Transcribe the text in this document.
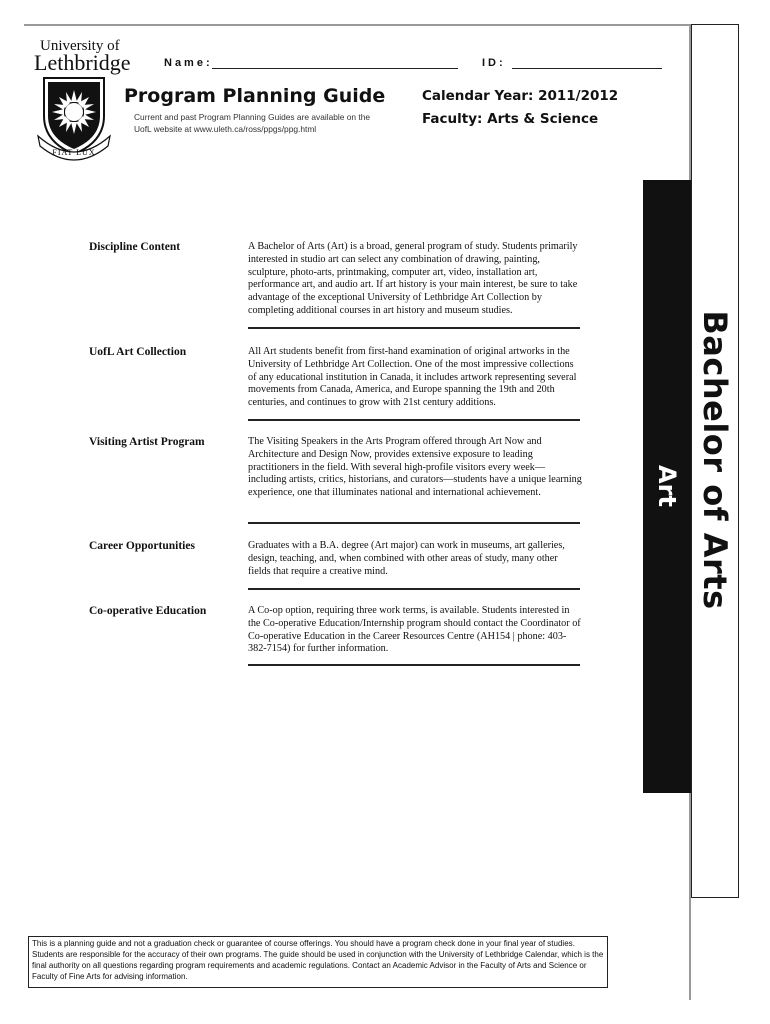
Art Bachelor of Arts
University of
Lethbridge
FIAT LUX
Name:	ID:
Program Planning Guide
Current and past Program Planning Guides are available on the UofL website at www.uleth.ca/ross/ppgs/ppg.html
Calendar Year: 2011/2012
Faculty: Arts & Science
Discipline Content	A Bachelor of Arts (Art) is a broad, general program of study. Students primarily interested in studio art can select any combination of drawing, painting, sculpture, photo-arts, printmaking, computer art, video, installation art, performance art, and audio art. If art history is your main interest, be sure to take advantage of the exceptional University of Lethbridge Art Collection by completing additional courses in art history and museum studies.
UofL Art Collection	All Art students benefit from first-hand examination of original artworks in the University of Lethbridge Art Collection. One of the most impressive collections of any educational institution in Canada, it includes artwork representing several movements from Canada, America, and Europe spanning the 19th and 20th centuries, and continues to grow with 21st century additions.
Visiting Artist Program	The Visiting Speakers in the Arts Program offered through Art Now and Architecture and Design Now, provides extensive exposure to leading practitioners in the field. With several high-profile visitors every week—including artists, critics, historians, and curators—students have a unique learning experience, one that illuminates national and international achievement.
Career Opportunities	Graduates with a B.A. degree (Art major) can work in museums, art galleries, design, teaching, and, when combined with other areas of study, many other fields that require a creative mind.
Co-operative Education	A Co-op option, requiring three work terms, is available. Students interested in the Co-operative Education/Internship program should contact the Coordinator of Co-operative Education in the Career Resources Centre (AH154 | phone: 403-382-7154) for further information.
This is a planning guide and not a graduation check or guarantee of course offerings. You should have a program check done in your final year of studies. Students are responsible for the accuracy of their own programs. The guide should be used in conjunction with the University of Lethbridge Calendar, which is the final authority on all questions regarding program requirements and academic regulations. Contact an Academic Advisor in the Faculty of Arts and Science or Faculty of Fine Arts for advising information.
